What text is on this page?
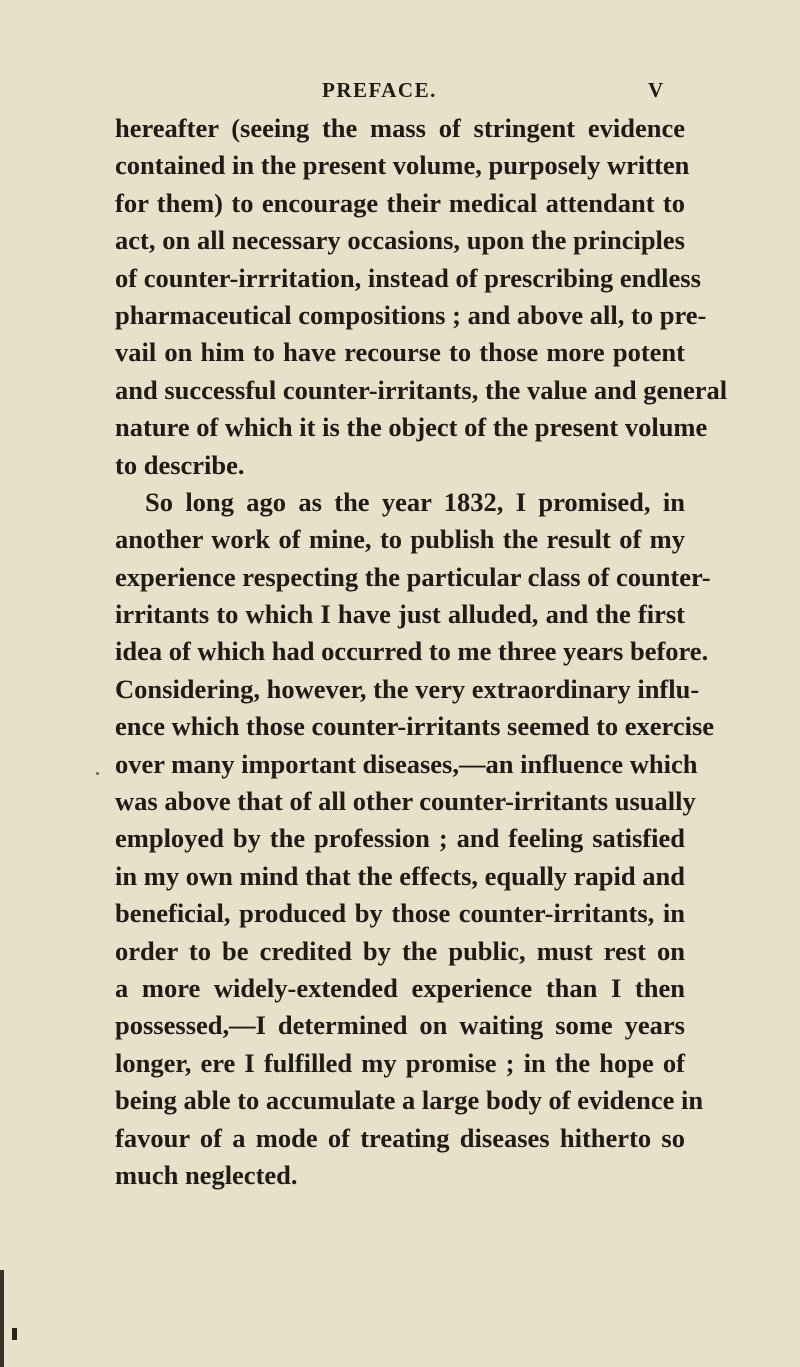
PREFACE.	V
hereafter (seeing the mass of stringent evidence
contained in the present volume, purposely written
for them) to encourage their medical attendant to
act, on all necessary occasions, upon the principles
of counter-irrritation, instead of prescribing endless
pharmaceutical compositions ; and above all, to pre-
vail on him to have recourse to those more potent
and successful counter-irritants, the value and general
nature of which it is the object of the present volume
to describe.
So long ago as the year 1832, I promised, in
another work of mine, to publish the result of my
experience respecting the particular class of counter-
irritants to which I have just alluded, and the first
idea of which had occurred to me three years before.
Considering, however, the very extraordinary influ-
ence which those counter-irritants seemed to exercise
over many important diseases,—an influence which
was above that of all other counter-irritants usually
employed by the profession ; and feeling satisfied
in my own mind that the effects, equally rapid and
beneficial, produced by those counter-irritants, in
order to be credited by the public, must rest on
a more widely-extended experience than I then
possessed,—I determined on waiting some years
longer, ere I fulfilled my promise ; in the hope of
being able to accumulate a large body of evidence in
favour of a mode of treating diseases hitherto so
much neglected.
